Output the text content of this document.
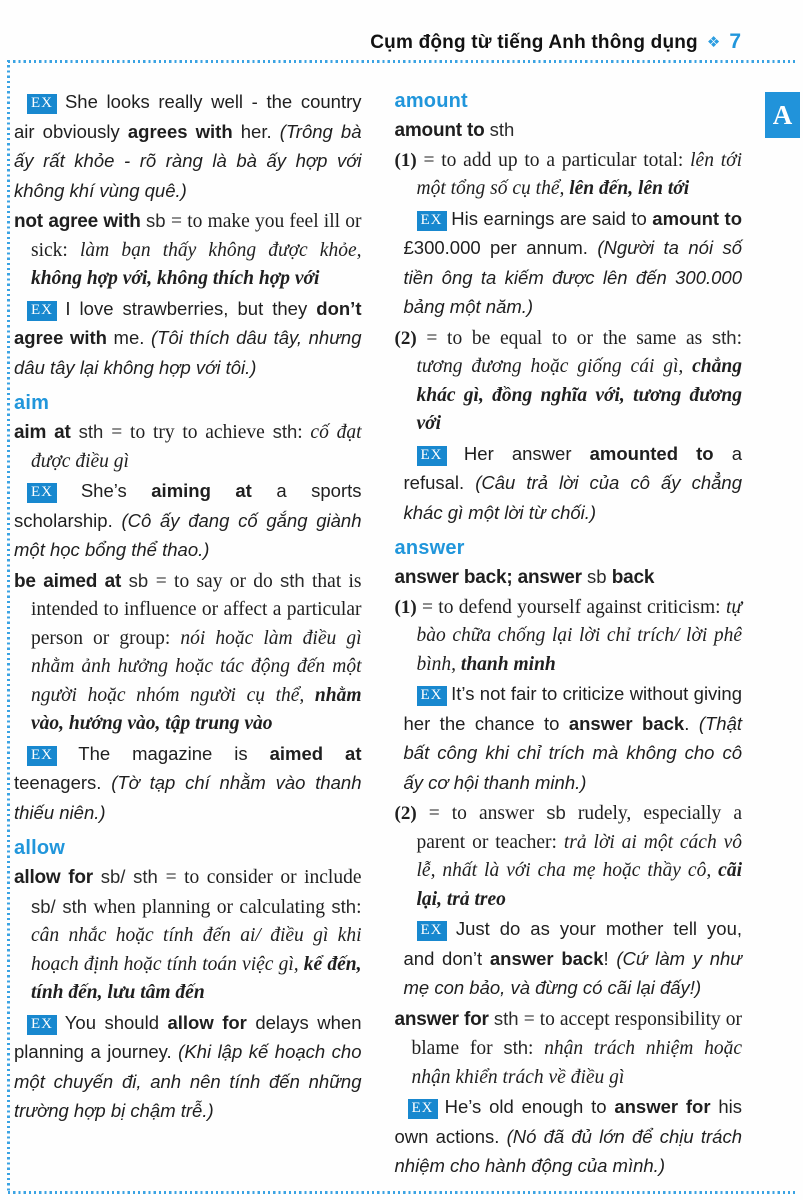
Cụm động từ tiếng Anh thông dụng ❖ 7
A
EX She looks really well - the country air obviously agrees with her. (Trông bà ấy rất khỏe - rõ ràng là bà ấy hợp với không khí vùng quê.)
not agree with sb = to make you feel ill or sick: làm bạn thấy không được khỏe, không hợp với, không thích hợp với
EX I love strawberries, but they don’t agree with me. (Tôi thích dâu tây, nhưng dâu tây lại không hợp với tôi.)
aim
aim at sth = to try to achieve sth: cố đạt được điều gì
EX She’s aiming at a sports scholarship. (Cô ấy đang cố gắng giành một học bổng thể thao.)
be aimed at sb = to say or do sth that is intended to influence or affect a particular person or group: nói hoặc làm điều gì nhằm ảnh hưởng hoặc tác động đến một người hoặc nhóm người cụ thể, nhằm vào, hướng vào, tập trung vào
EX The magazine is aimed at teenagers. (Tờ tạp chí nhằm vào thanh thiếu niên.)
allow
allow for sb/ sth = to consider or include sb/ sth when planning or calculating sth: cân nhắc hoặc tính đến ai/ điều gì khi hoạch định hoặc tính toán việc gì, kể đến, tính đến, lưu tâm đến
EX You should allow for delays when planning a journey. (Khi lập kế hoạch cho một chuyến đi, anh nên tính đến những trường hợp bị chậm trễ.)
amount
amount to sth
(1) = to add up to a particular total: lên tới một tổng số cụ thể, lên đến, lên tới
EX His earnings are said to amount to £300.000 per annum. (Người ta nói số tiền ông ta kiếm được lên đến 300.000 bảng một năm.)
(2) = to be equal to or the same as sth: tương đương hoặc giống cái gì, chẳng khác gì, đồng nghĩa với, tương đương với
EX Her answer amounted to a refusal. (Câu trả lời của cô ấy chẳng khác gì một lời từ chối.)
answer
answer back; answer sb back
(1) = to defend yourself against criticism: tự bào chữa chống lại lời chỉ trích/ lời phê bình, thanh minh
EX It’s not fair to criticize without giving her the chance to answer back. (Thật bất công khi chỉ trích mà không cho cô ấy cơ hội thanh minh.)
(2) = to answer sb rudely, especially a parent or teacher: trả lời ai một cách vô lễ, nhất là với cha mẹ hoặc thầy cô, cãi lại, trả treo
EX Just do as your mother tell you, and don’t answer back! (Cứ làm y như mẹ con bảo, và đừng có cãi lại đấy!)
answer for sth = to accept responsibility or blame for sth: nhận trách nhiệm hoặc nhận khiển trách về điều gì
EX He’s old enough to answer for his own actions. (Nó đã đủ lớn để chịu trách nhiệm cho hành động của mình.)
